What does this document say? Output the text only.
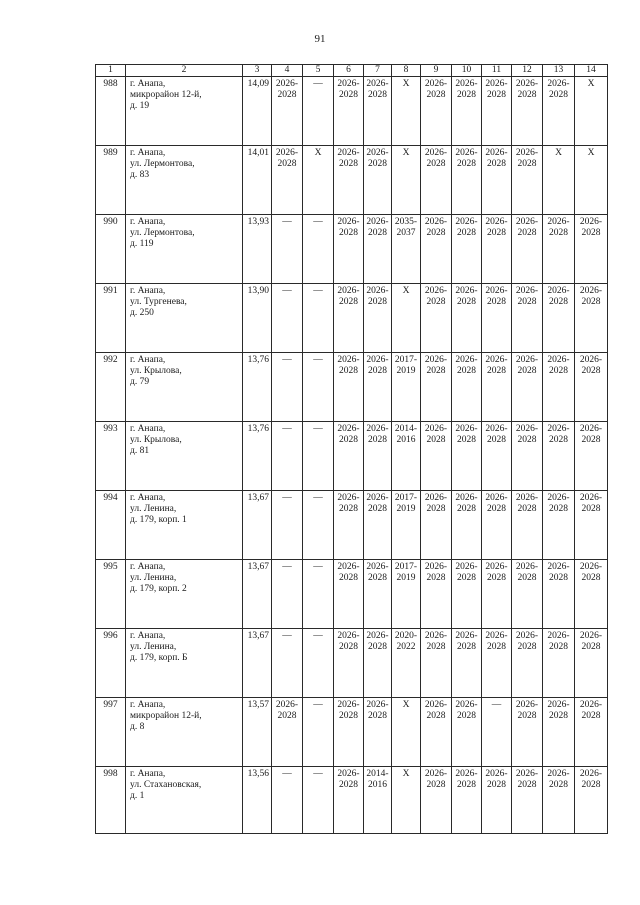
91
1	2	3	4	5	6	7	8	9	10	11	12	13	14
988	г. Анапа,
микрорайон 12-й,
д. 19	14,09	2026-
2028	—	2026-
2028	2026-
2028	Х	2026-
2028	2026-
2028	2026-
2028	2026-
2028	2026-
2028	Х

989	г. Анапа,
ул. Лермонтова,
д. 83	14,01	2026-
2028	Х	2026-
2028	2026-
2028	Х	2026-
2028	2026-
2028	2026-
2028	2026-
2028	Х	Х

990	г. Анапа,
ул. Лермонтова,
д. 119	13,93	—	—	2026-
2028	2026-
2028	2035-
2037	2026-
2028	2026-
2028	2026-
2028	2026-
2028	2026-
2028	2026-
2028

991	г. Анапа,
ул. Тургенева,
д. 250	13,90	—	—	2026-
2028	2026-
2028	Х	2026-
2028	2026-
2028	2026-
2028	2026-
2028	2026-
2028	2026-
2028

992	г. Анапа,
ул. Крылова,
д. 79	13,76	—	—	2026-
2028	2026-
2028	2017-
2019	2026-
2028	2026-
2028	2026-
2028	2026-
2028	2026-
2028	2026-
2028

993	г. Анапа,
ул. Крылова,
д. 81	13,76	—	—	2026-
2028	2026-
2028	2014-
2016	2026-
2028	2026-
2028	2026-
2028	2026-
2028	2026-
2028	2026-
2028

994	г. Анапа,
ул. Ленина,
д. 179, корп. 1	13,67	—	—	2026-
2028	2026-
2028	2017-
2019	2026-
2028	2026-
2028	2026-
2028	2026-
2028	2026-
2028	2026-
2028

995	г. Анапа,
ул. Ленина,
д. 179, корп. 2	13,67	—	—	2026-
2028	2026-
2028	2017-
2019	2026-
2028	2026-
2028	2026-
2028	2026-
2028	2026-
2028	2026-
2028

996	г. Анапа,
ул. Ленина,
д. 179, корп. Б	13,67	—	—	2026-
2028	2026-
2028	2020-
2022	2026-
2028	2026-
2028	2026-
2028	2026-
2028	2026-
2028	2026-
2028

997	г. Анапа,
микрорайон 12-й,
д. 8	13,57	2026-
2028	—	2026-
2028	2026-
2028	Х	2026-
2028	2026-
2028	—	2026-
2028	2026-
2028	2026-
2028

998	г. Анапа,
ул. Стахановская,
д. 1	13,56	—	—	2026-
2028	2014-
2016	Х	2026-
2028	2026-
2028	2026-
2028	2026-
2028	2026-
2028	2026-
2028
